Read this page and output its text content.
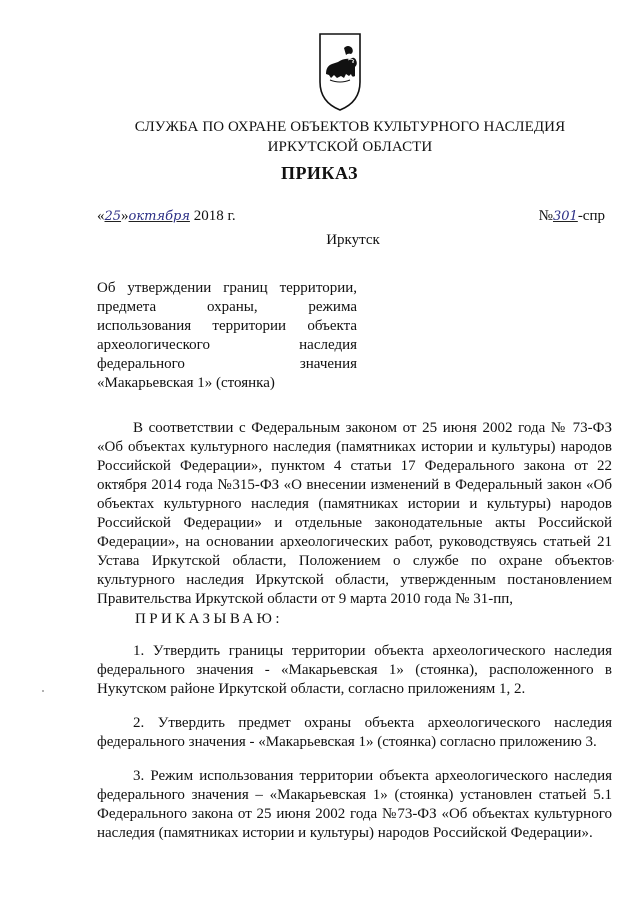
СЛУЖБА ПО ОХРАНЕ ОБЪЕКТОВ КУЛЬТУРНОГО НАСЛЕДИЯ
ИРКУТСКОЙ ОБЛАСТИ
ПРИКАЗ
«25»октября 2018 г.	№301-спр
Иркутск
Об утверждении границ территории,
предмета охраны, режима
использования территории объекта
археологического наследия
федерального значения
«Макарьевская 1» (стоянка)
В соответствии с Федеральным законом от 25 июня 2002 года № 73-ФЗ
«Об объектах культурного наследия (памятниках истории и культуры) народов
Российской Федерации», пунктом 4 статьи 17 Федерального закона от 22
октября 2014 года №315-ФЗ «О внесении изменений в Федеральный закон «Об
объектах культурного наследия (памятниках истории и культуры) народов
Российской Федерации» и отдельные законодательные акты Российской
Федерации», на основании археологических работ, руководствуясь статьей 21
Устава Иркутской области, Положением о службе по охране объектов
культурного наследия Иркутской области, утвержденным постановлением
Правительства Иркутской области от 9 марта 2010 года № 31-пп,
ПРИКАЗЫВАЮ:
1. Утвердить границы территории объекта археологического наследия
федерального значения - «Макарьевская 1» (стоянка), расположенного в
Нукутском районе Иркутской области, согласно приложениям 1, 2.
2. Утвердить предмет охраны объекта археологического наследия
федерального значения - «Макарьевская 1» (стоянка) согласно приложению 3.
3. Режим использования территории объекта археологического наследия
федерального значения – «Макарьевская 1» (стоянка) установлен статьей 5.1
Федерального закона от 25 июня 2002 года №73-ФЗ «Об объектах культурного
наследия (памятниках истории и культуры) народов Российской Федерации».
